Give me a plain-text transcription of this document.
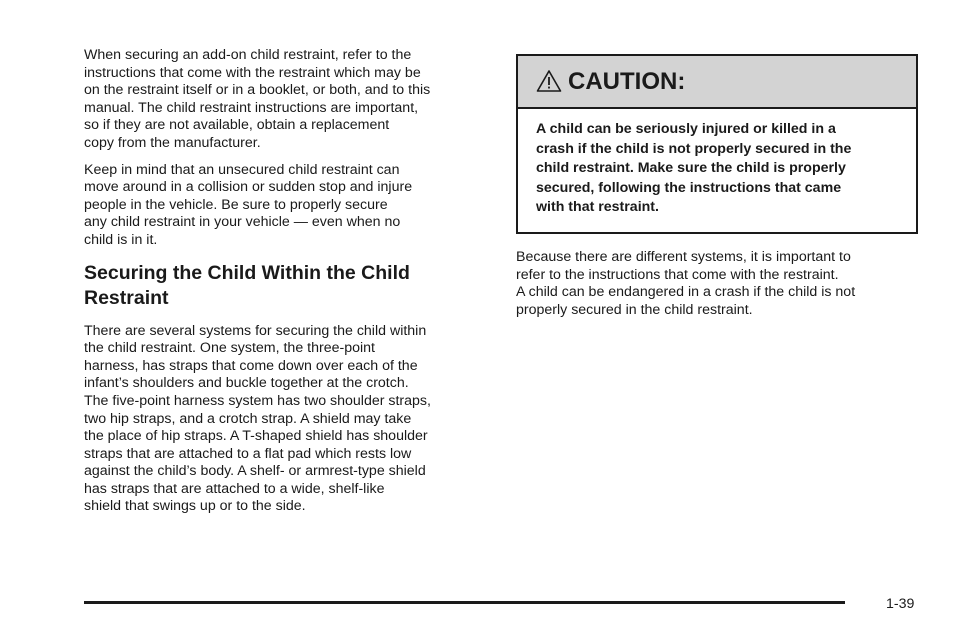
When securing an add-on child restraint, refer to the
instructions that come with the restraint which may be
on the restraint itself or in a booklet, or both, and to this
manual. The child restraint instructions are important,
so if they are not available, obtain a replacement
copy from the manufacturer.

Keep in mind that an unsecured child restraint can
move around in a collision or sudden stop and injure
people in the vehicle. Be sure to properly secure
any child restraint in your vehicle — even when no
child is in it.

Securing the Child Within the Child
Restraint

There are several systems for securing the child within
the child restraint. One system, the three-point
harness, has straps that come down over each of the
infant’s shoulders and buckle together at the crotch.
The five-point harness system has two shoulder straps,
two hip straps, and a crotch strap. A shield may take
the place of hip straps. A T-shaped shield has shoulder
straps that are attached to a flat pad which rests low
against the child’s body. A shelf- or armrest-type shield
has straps that are attached to a wide, shelf-like
shield that swings up or to the side.

CAUTION:

A child can be seriously injured or killed in a
crash if the child is not properly secured in the
child restraint. Make sure the child is properly
secured, following the instructions that came
with that restraint.

Because there are different systems, it is important to
refer to the instructions that come with the restraint.
A child can be endangered in a crash if the child is not
properly secured in the child restraint.

1-39
